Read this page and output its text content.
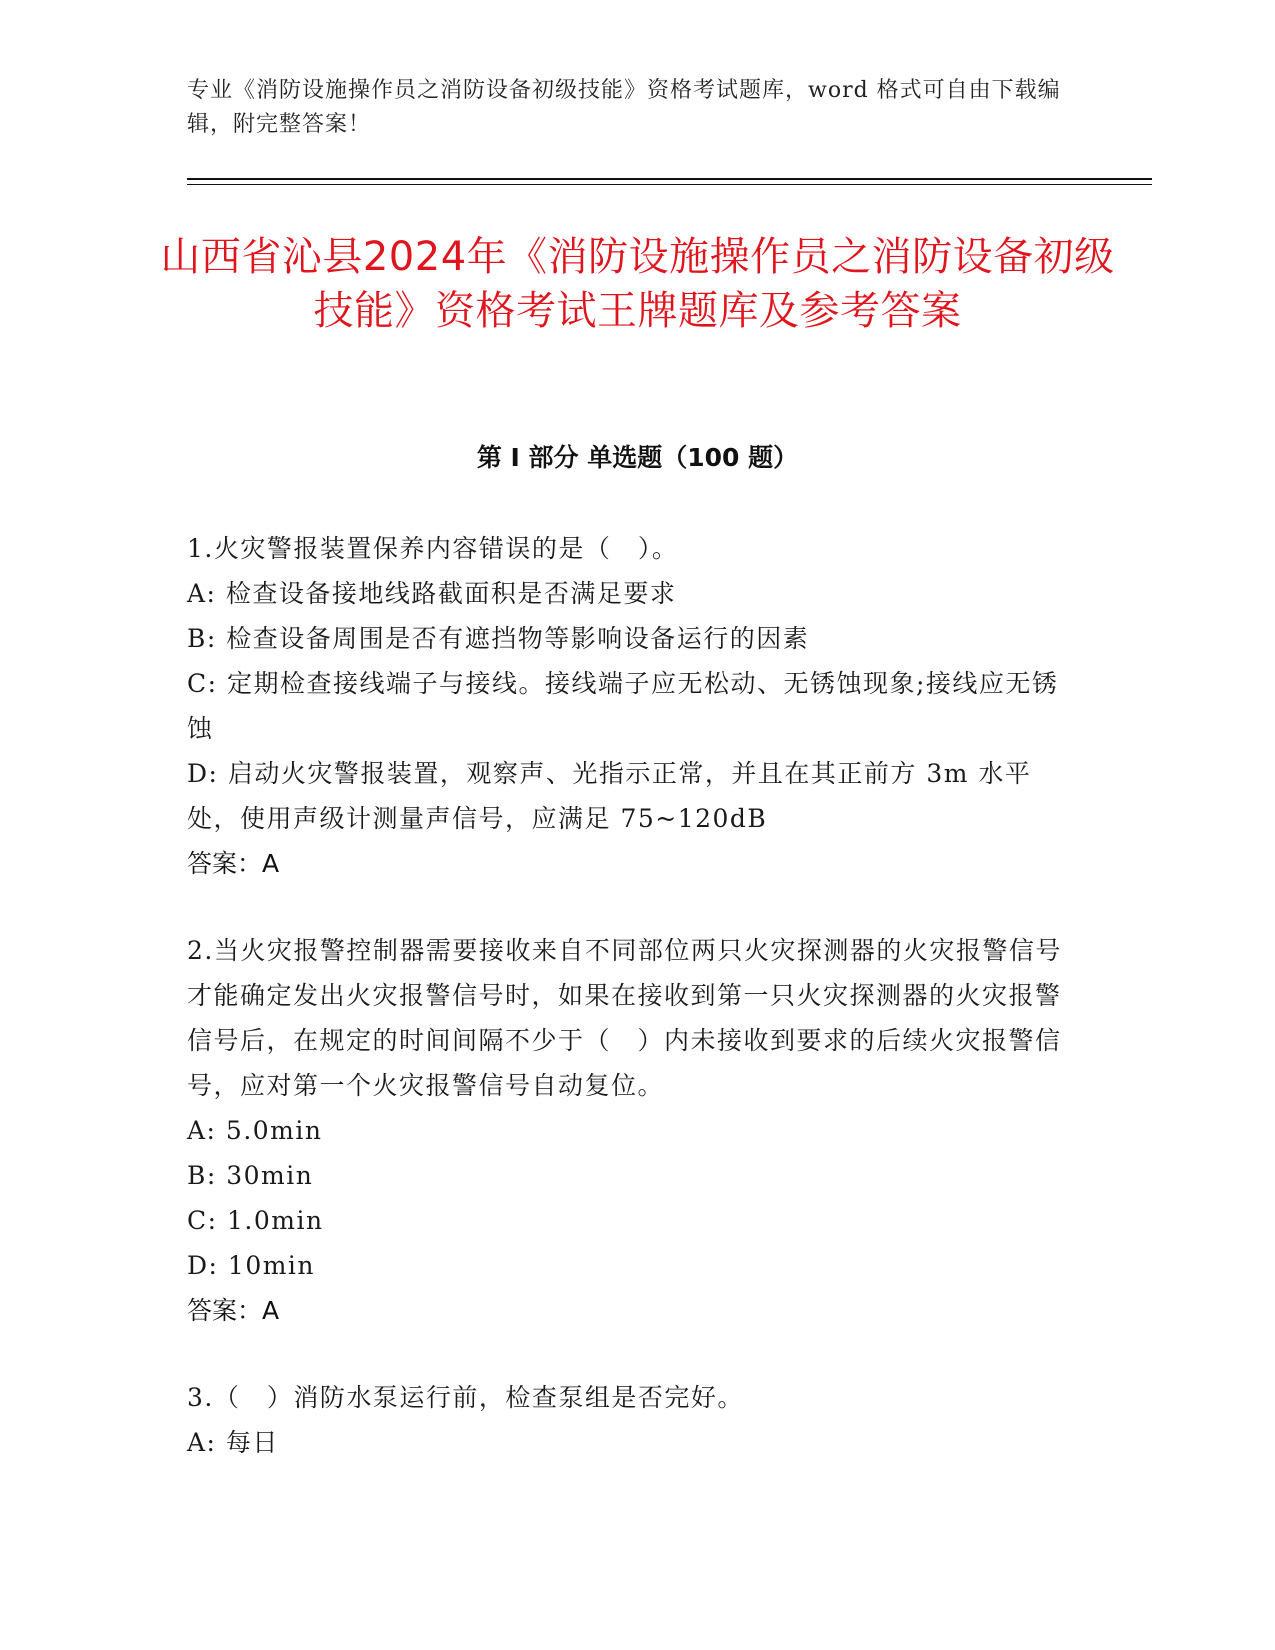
专业《消防设施操作员之消防设备初级技能》资格考试题库，word 格式可自由下载编辑，附完整答案！
山西省沁县2024年《消防设施操作员之消防设备初级技能》资格考试王牌题库及参考答案
第 I 部分 单选题（100 题）
1.火灾警报装置保养内容错误的是（　）。
A: 检查设备接地线路截面积是否满足要求
B: 检查设备周围是否有遮挡物等影响设备运行的因素
C: 定期检查接线端子与接线。接线端子应无松动、无锈蚀现象;接线应无锈蚀
D: 启动火灾警报装置，观察声、光指示正常，并且在其正前方 3m 水平处，使用声级计测量声信号，应满足 75~120dB
答案：A
2.当火灾报警控制器需要接收来自不同部位两只火灾探测器的火灾报警信号才能确定发出火灾报警信号时，如果在接收到第一只火灾探测器的火灾报警信号后，在规定的时间间隔不少于（　）内未接收到要求的后续火灾报警信号，应对第一个火灾报警信号自动复位。
A: 5.0min
B: 30min
C: 1.0min
D: 10min
答案：A
3.（　）消防水泵运行前，检查泵组是否完好。
A: 每日
